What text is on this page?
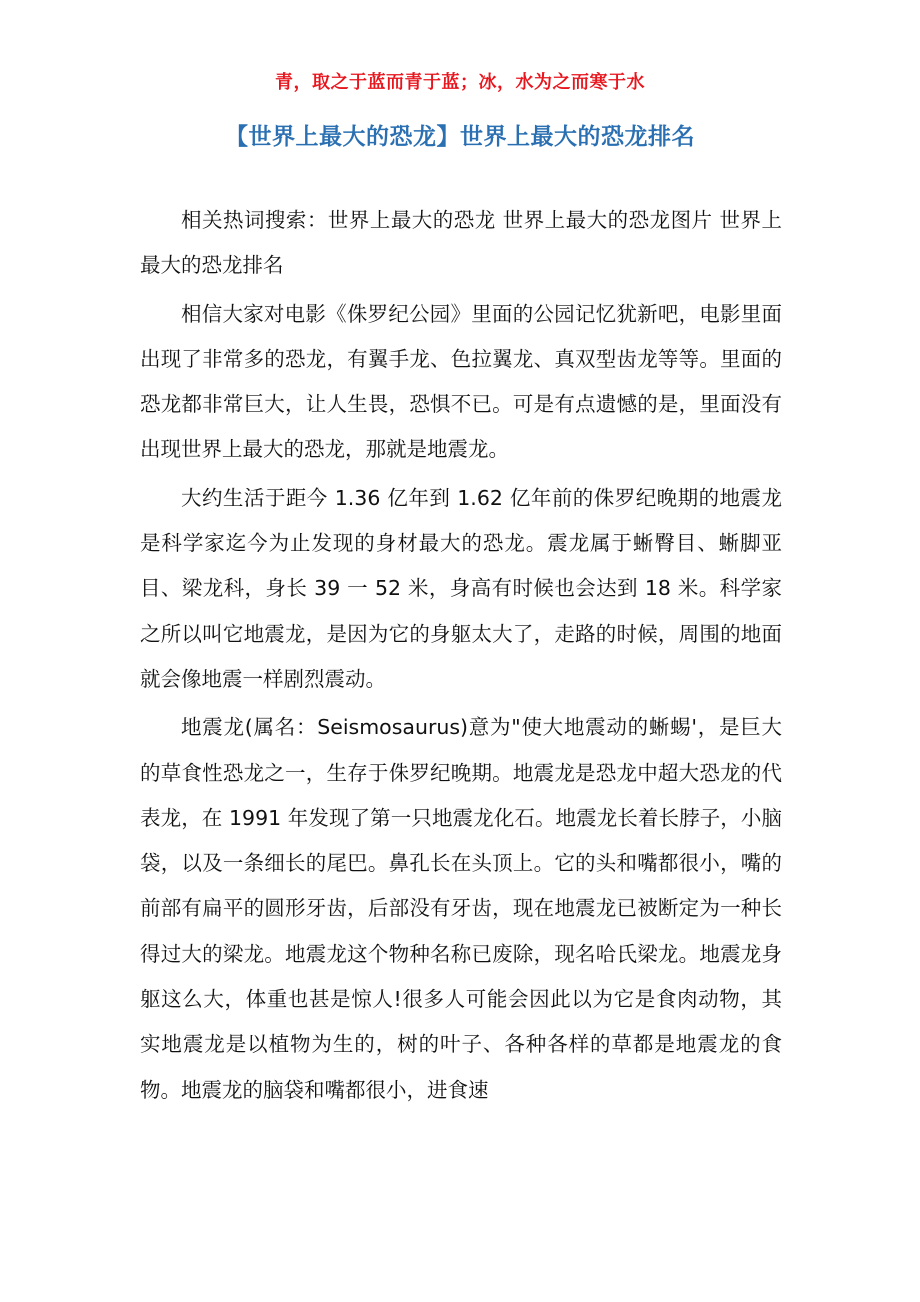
青，取之于蓝而青于蓝；冰，水为之而寒于水
【世界上最大的恐龙】世界上最大的恐龙排名

相关热词搜索：世界上最大的恐龙 世界上最大的恐龙图片 世界上最大的恐龙排名

相信大家对电影《侏罗纪公园》里面的公园记忆犹新吧，电影里面出现了非常多的恐龙，有翼手龙、色拉翼龙、真双型齿龙等等。里面的恐龙都非常巨大，让人生畏，恐惧不已。可是有点遗憾的是，里面没有出现世界上最大的恐龙，那就是地震龙。

大约生活于距今 1.36 亿年到 1.62 亿年前的侏罗纪晚期的地震龙是科学家迄今为止发现的身材最大的恐龙。震龙属于蜥臀目、蜥脚亚目、梁龙科，身长 39 一 52 米，身高有时候也会达到 18 米。科学家之所以叫它地震龙，是因为它的身躯太大了，走路的时候，周围的地面就会像地震一样剧烈震动。

地震龙(属名：Seismosaurus)意为"使大地震动的蜥蜴'，是巨大的草食性恐龙之一，生存于侏罗纪晚期。地震龙是恐龙中超大恐龙的代表龙，在 1991 年发现了第一只地震龙化石。地震龙长着长脖子，小脑袋，以及一条细长的尾巴。鼻孔长在头顶上。它的头和嘴都很小，嘴的前部有扁平的圆形牙齿，后部没有牙齿，现在地震龙已被断定为一种长得过大的梁龙。地震龙这个物种名称已废除，现名哈氏梁龙。地震龙身躯这么大，体重也甚是惊人!很多人可能会因此以为它是食肉动物，其实地震龙是以植物为生的，树的叶子、各种各样的草都是地震龙的食物。地震龙的脑袋和嘴都很小，进食速
